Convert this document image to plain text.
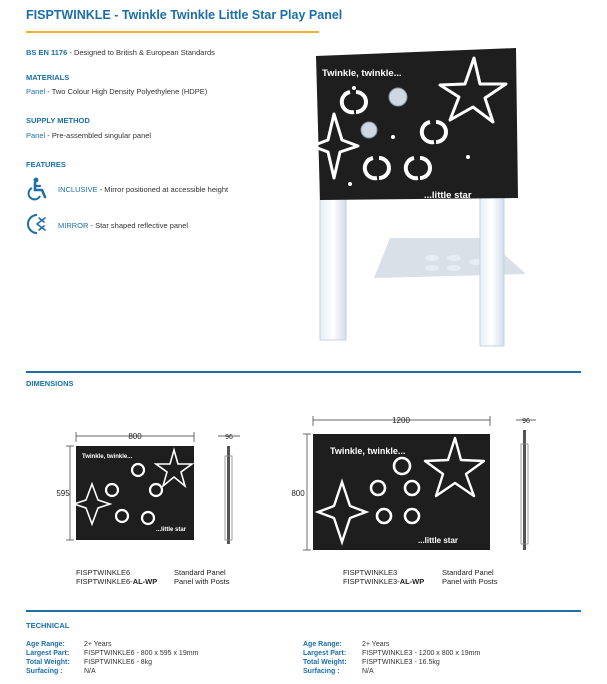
FISPTWINKLE - Twinkle Twinkle Little Star Play Panel
BS EN 1176 - Designed to British & European Standards
MATERIALS
Panel - Two Colour High Density Polyethylene (HDPE)
SUPPLY METHOD
Panel - Pre-assembled singular panel
FEATURES
INCLUSIVE - Mirror positioned at accessible height
MIRROR - Star shaped reflective panel
Twinkle, twinkle...
...little star
DIMENSIONS
800
595
Twinkle, twinkle...
...little star
96
1200
800
Twinkle, twinkle...
...little star
96
FISPTWINKLE6	Standard Panel
FISPTWINKLE6-AL-WP Panel with Posts
FISPTWINKLE3	Standard Panel
FISPTWINKLE3-AL-WP Panel with Posts
TECHNICAL
Age Range:
Largest Part:
Total Weight:
Surfacing :
2+ Years
FISPTWINKLE6 - 800 x 595 x 19mm
FISPTWINKLE6 - 8kg
N/A
Age Range:
Largest Part:
Total Weight:
Surfacing :
2+ Years
FISPTWINKLE3 - 1200 x 800 x 19mm
FISPTWINKLE3 - 16.5kg
N/A
